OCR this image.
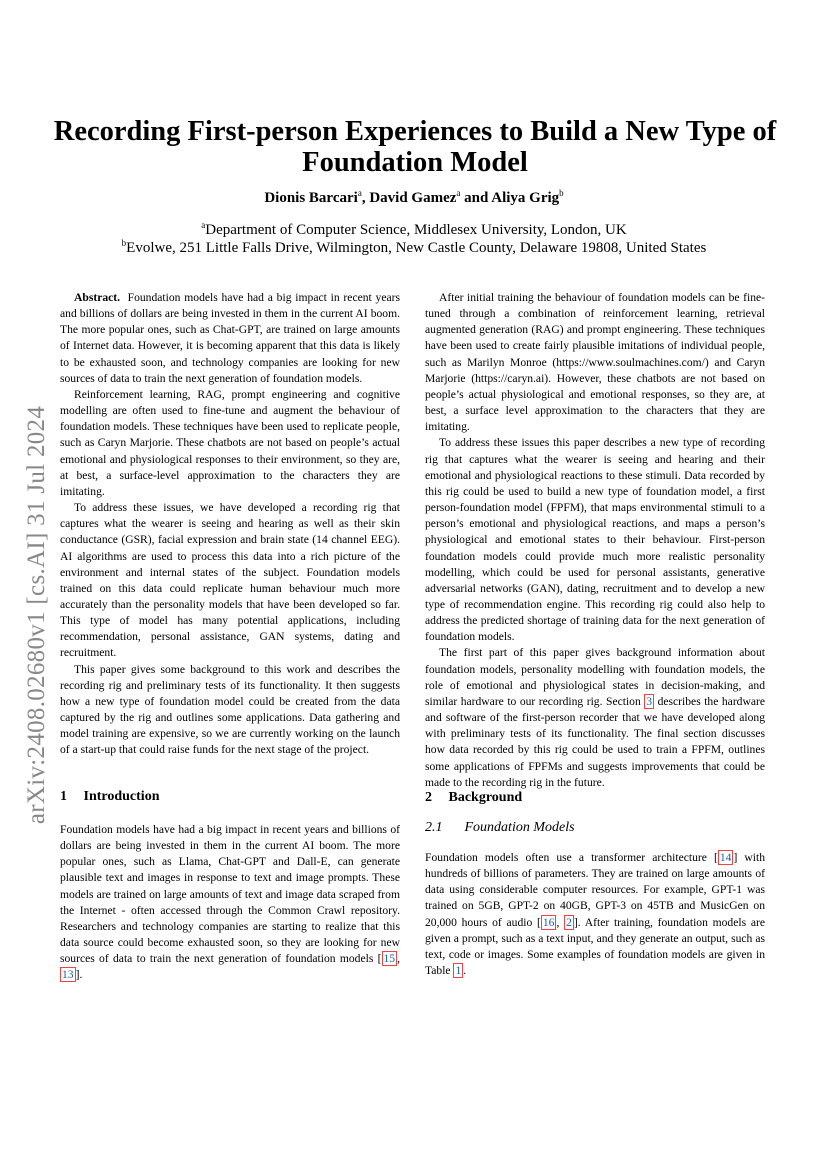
arXiv:2408.02680v1 [cs.AI] 31 Jul 2024
Recording First-person Experiences to Build a New Type of Foundation Model
Dionis Barcari$^a$, David Gamez$^a$ and Aliya Grig$^b$
$^a$Department of Computer Science, Middlesex University, London, UK
$^b$Evolwe, 251 Little Falls Drive, Wilmington, New Castle County, Delaware 19808, United States

Abstract. Foundation models have had a big impact in recent years and billions of dollars are being invested in them in the current AI boom. The more popular ones, such as Chat-GPT, are trained on large amounts of Internet data. However, it is becoming apparent that this data is likely to be exhausted soon, and technology companies are looking for new sources of data to train the next generation of foundation models.

Reinforcement learning, RAG, prompt engineering and cognitive modelling are often used to fine-tune and augment the behaviour of foundation models. These techniques have been used to replicate people, such as Caryn Marjorie. These chatbots are not based on people’s actual emotional and physiological responses to their environment, so they are, at best, a surface-level approximation to the characters they are imitating.

To address these issues, we have developed a recording rig that captures what the wearer is seeing and hearing as well as their skin conductance (GSR), facial expression and brain state (14 channel EEG). AI algorithms are used to process this data into a rich picture of the environment and internal states of the subject. Foundation models trained on this data could replicate human behaviour much more accurately than the personality models that have been developed so far. This type of model has many potential applications, including recommendation, personal assistance, GAN systems, dating and recruitment.

This paper gives some background to this work and describes the recording rig and preliminary tests of its functionality. It then suggests how a new type of foundation model could be created from the data captured by the rig and outlines some applications. Data gathering and model training are expensive, so we are currently working on the launch of a start-up that could raise funds for the next stage of the project.

1 Introduction

Foundation models have had a big impact in recent years and billions of dollars are being invested in them in the current AI boom. The more popular ones, such as Llama, Chat-GPT and Dall-E, can generate plausible text and images in response to text and image prompts. These models are trained on large amounts of text and image data scraped from the Internet - often accessed through the Common Crawl repository. Researchers and technology companies are starting to realize that this data source could become exhausted soon, so they are looking for new sources of data to train the next generation of foundation models [ 15 , 13 ].

After initial training the behaviour of foundation models can be fine-tuned through a combination of reinforcement learning, retrieval augmented generation (RAG) and prompt engineering. These techniques have been used to create fairly plausible imitations of individual people, such as Marilyn Monroe (https://www.soulmachines.com/) and Caryn Marjorie (https://caryn.ai). However, these chatbots are not based on people’s actual physiological and emotional responses, so they are, at best, a surface level approximation to the characters that they are imitating.

To address these issues this paper describes a new type of recording rig that captures what the wearer is seeing and hearing and their emotional and physiological reactions to these stimuli. Data recorded by this rig could be used to build a new type of foundation model, a first person-foundation model (FPFM), that maps environmental stimuli to a person’s emotional and physiological reactions, and maps a person’s physiological and emotional states to their behaviour. First-person foundation models could provide much more realistic personality modelling, which could be used for personal assistants, generative adversarial networks (GAN), dating, recruitment and to develop a new type of recommendation engine. This recording rig could also help to address the predicted shortage of training data for the next generation of foundation models.

The first part of this paper gives background information about foundation models, personality modelling with foundation models, the role of emotional and physiological states in decision-making, and similar hardware to our recording rig. Section 3 describes the hardware and software of the first-person recorder that we have developed along with preliminary tests of its functionality. The final section discusses how data recorded by this rig could be used to train a FPFM, outlines some applications of FPFMs and suggests improvements that could be made to the recording rig in the future.

2 Background
2.1 Foundation Models

Foundation models often use a transformer architecture [ 14 ] with hundreds of billions of parameters. They are trained on large amounts of data using considerable computer resources. For example, GPT-1 was trained on 5GB, GPT-2 on 40GB, GPT-3 on 45TB and MusicGen on 20,000 hours of audio [ 16 , 2 ]. After training, foundation models are given a prompt, such as a text input, and they generate an output, such as text, code or images. Some examples of foundation models are given in Table 1 .
